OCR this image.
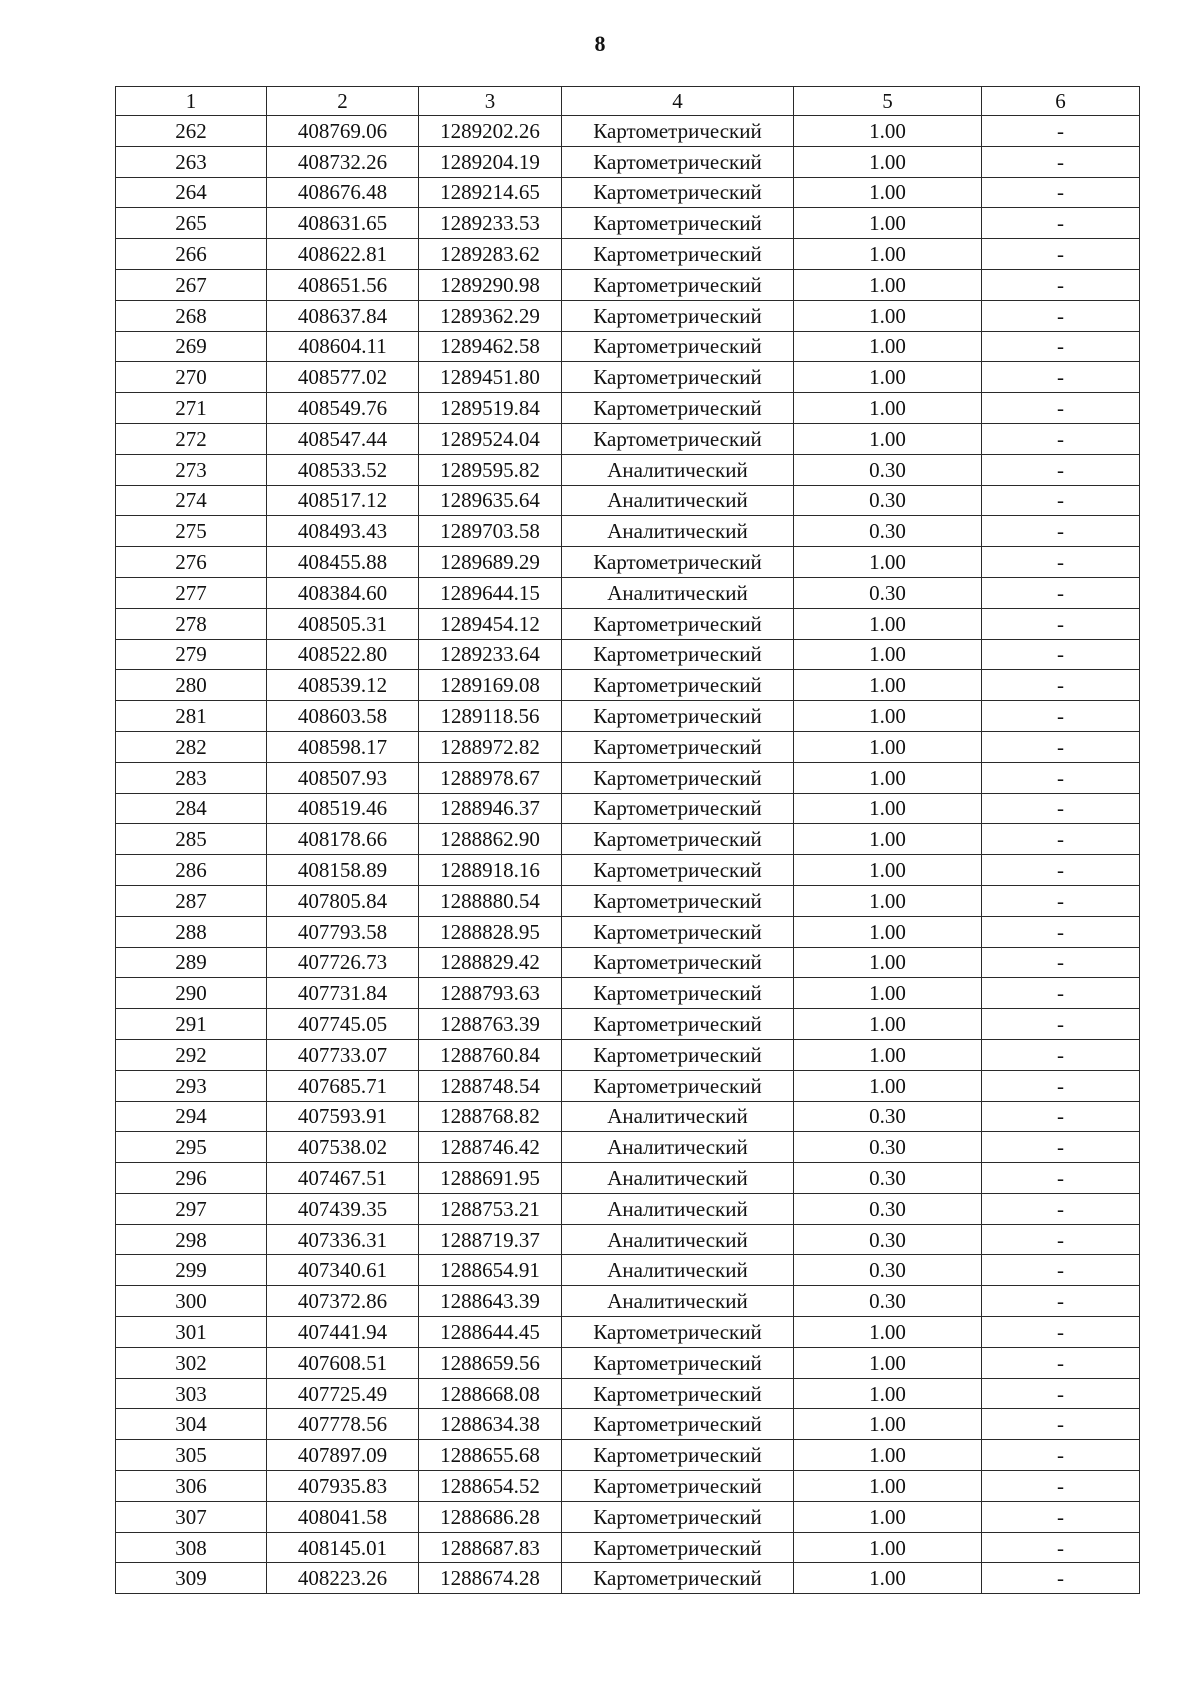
8
1	2	3	4	5	6
262	408769.06	1289202.26	Картометрический	1.00	-
263	408732.26	1289204.19	Картометрический	1.00	-
264	408676.48	1289214.65	Картометрический	1.00	-
265	408631.65	1289233.53	Картометрический	1.00	-
266	408622.81	1289283.62	Картометрический	1.00	-
267	408651.56	1289290.98	Картометрический	1.00	-
268	408637.84	1289362.29	Картометрический	1.00	-
269	408604.11	1289462.58	Картометрический	1.00	-
270	408577.02	1289451.80	Картометрический	1.00	-
271	408549.76	1289519.84	Картометрический	1.00	-
272	408547.44	1289524.04	Картометрический	1.00	-
273	408533.52	1289595.82	Аналитический	0.30	-
274	408517.12	1289635.64	Аналитический	0.30	-
275	408493.43	1289703.58	Аналитический	0.30	-
276	408455.88	1289689.29	Картометрический	1.00	-
277	408384.60	1289644.15	Аналитический	0.30	-
278	408505.31	1289454.12	Картометрический	1.00	-
279	408522.80	1289233.64	Картометрический	1.00	-
280	408539.12	1289169.08	Картометрический	1.00	-
281	408603.58	1289118.56	Картометрический	1.00	-
282	408598.17	1288972.82	Картометрический	1.00	-
283	408507.93	1288978.67	Картометрический	1.00	-
284	408519.46	1288946.37	Картометрический	1.00	-
285	408178.66	1288862.90	Картометрический	1.00	-
286	408158.89	1288918.16	Картометрический	1.00	-
287	407805.84	1288880.54	Картометрический	1.00	-
288	407793.58	1288828.95	Картометрический	1.00	-
289	407726.73	1288829.42	Картометрический	1.00	-
290	407731.84	1288793.63	Картометрический	1.00	-
291	407745.05	1288763.39	Картометрический	1.00	-
292	407733.07	1288760.84	Картометрический	1.00	-
293	407685.71	1288748.54	Картометрический	1.00	-
294	407593.91	1288768.82	Аналитический	0.30	-
295	407538.02	1288746.42	Аналитический	0.30	-
296	407467.51	1288691.95	Аналитический	0.30	-
297	407439.35	1288753.21	Аналитический	0.30	-
298	407336.31	1288719.37	Аналитический	0.30	-
299	407340.61	1288654.91	Аналитический	0.30	-
300	407372.86	1288643.39	Аналитический	0.30	-
301	407441.94	1288644.45	Картометрический	1.00	-
302	407608.51	1288659.56	Картометрический	1.00	-
303	407725.49	1288668.08	Картометрический	1.00	-
304	407778.56	1288634.38	Картометрический	1.00	-
305	407897.09	1288655.68	Картометрический	1.00	-
306	407935.83	1288654.52	Картометрический	1.00	-
307	408041.58	1288686.28	Картометрический	1.00	-
308	408145.01	1288687.83	Картометрический	1.00	-
309	408223.26	1288674.28	Картометрический	1.00	-
